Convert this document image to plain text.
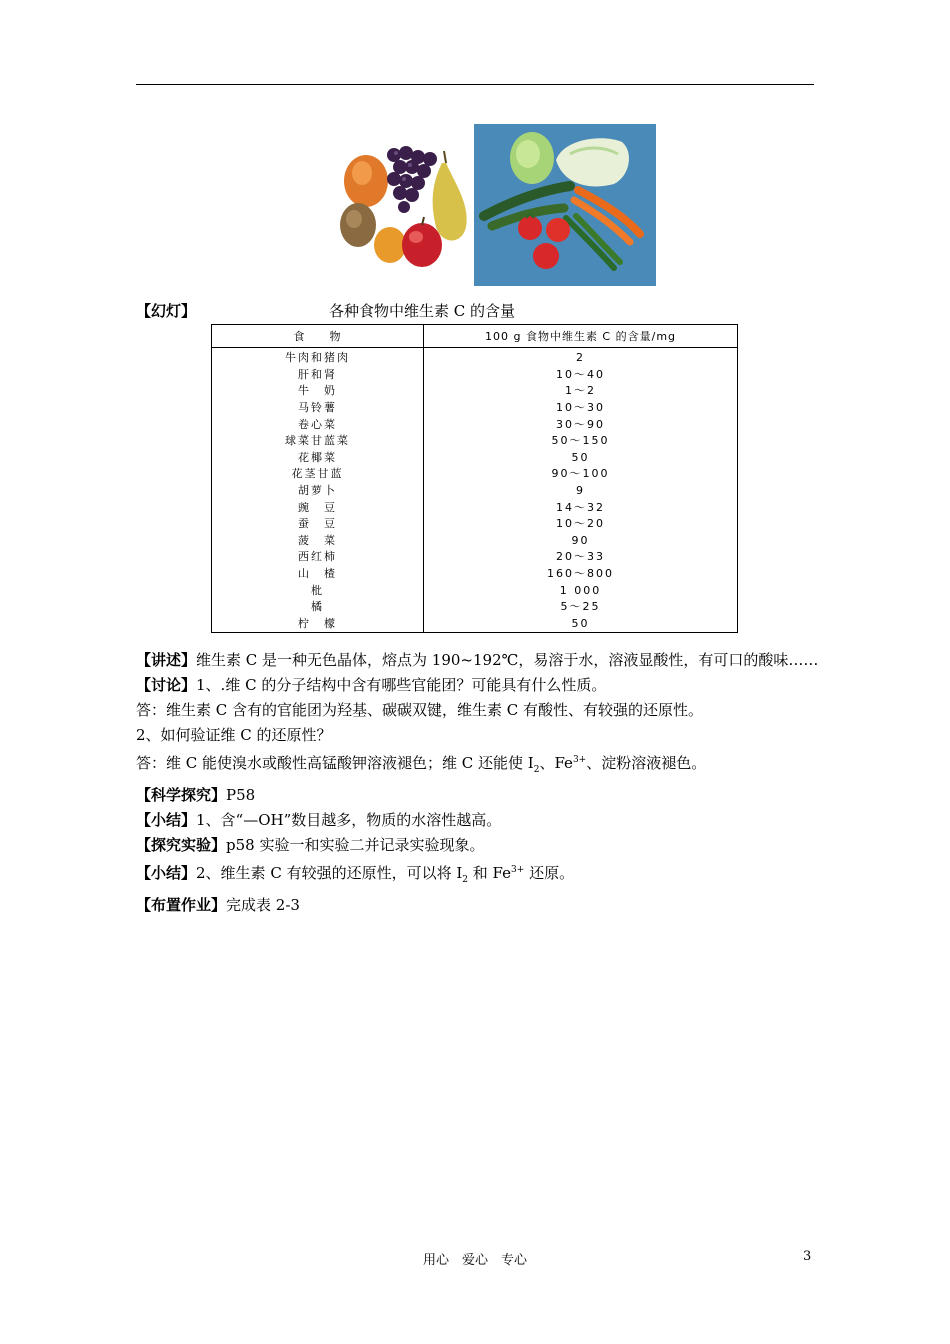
【幻灯】	各种食物中维生素 C 的含量
食　　物	100 g 食物中维生素 C 的含量/mg
牛肉和猪肉	2
肝和肾	10～40
牛　奶	1～2
马铃薯	10～30
卷心菜	30～90
球菜甘蓝菜	50～150
花椰菜	50
花茎甘蓝	90～100
胡萝卜	9
豌　豆	14～32
蚕　豆	10～20
菠　菜	90
西红柿	20～33
山　楂	160～800
枇	1 000
橘	5～25
柠　檬	50

【讲述】维生素 C 是一种无色晶体，熔点为 190~192℃，易溶于水，溶液显酸性，有可口的酸味……

【讨论】1、.维 C 的分子结构中含有哪些官能团？可能具有什么性质。

答：维生素 C 含有的官能团为羟基、碳碳双键，维生素 C 有酸性、有较强的还原性。

2、如何验证维 C 的还原性？

答：维 C 能使溴水或酸性高锰酸钾溶液褪色；维 C 还能使 $I_2$、$Fe^{3+}$、淀粉溶液褪色。

【科学探究】P58

【小结】1、含“—OH”数目越多，物质的水溶性越高。

【探究实验】p58 实验一和实验二并记录实验现象。

【小结】2、维生素 C 有较强的还原性，可以将 $I_2$ 和 $Fe^{3+}$ 还原。

【布置作业】完成表 2-3

用心　爱心　专心	3
